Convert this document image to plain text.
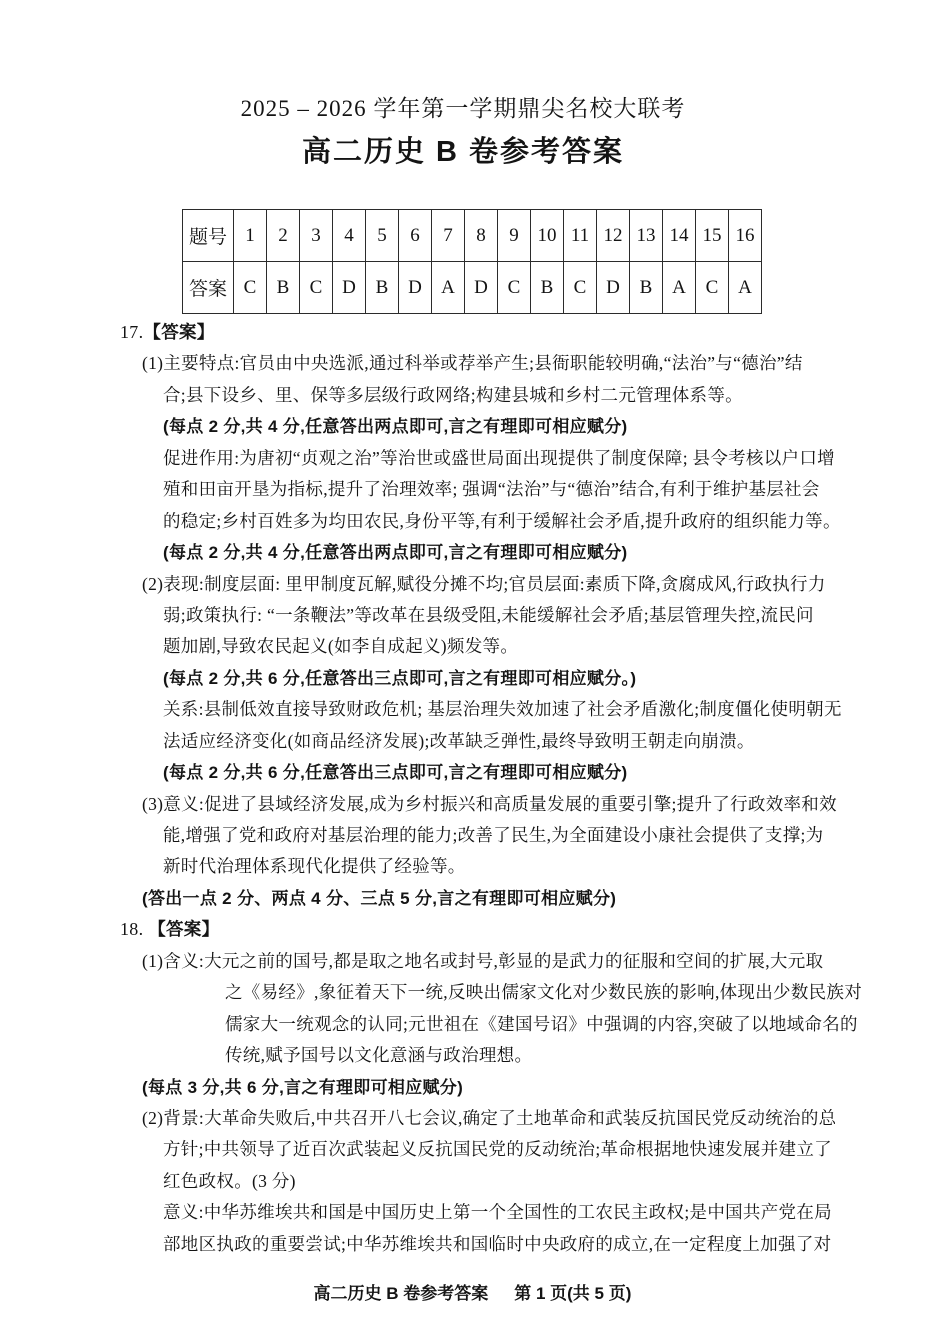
2025 – 2026 学年第一学期鼎尖名校大联考
高二历史 B 卷参考答案
题号	1	2	3	4	5	6	7	8	9	10	11	12	13	14	15	16
答案	C	B	C	D	B	D	A	D	C	B	C	D	B	A	C	A
17.【答案】
(1)主要特点:官员由中央选派,通过科举或荐举产生;县衙职能较明确,“法治”与“德治”结
合;县下设乡、里、保等多层级行政网络;构建县城和乡村二元管理体系等。
(每点 2 分,共 4 分,任意答出两点即可,言之有理即可相应赋分)
促进作用:为唐初“贞观之治”等治世或盛世局面出现提供了制度保障; 县令考核以户口增
殖和田亩开垦为指标,提升了治理效率; 强调“法治”与“德治”结合,有利于维护基层社会
的稳定;乡村百姓多为均田农民,身份平等,有利于缓解社会矛盾,提升政府的组织能力等。
(每点 2 分,共 4 分,任意答出两点即可,言之有理即可相应赋分)
(2)表现:制度层面: 里甲制度瓦解,赋役分摊不均;官员层面:素质下降,贪腐成风,行政执行力
弱;政策执行: “一条鞭法”等改革在县级受阻,未能缓解社会矛盾;基层管理失控,流民问
题加剧,导致农民起义(如李自成起义)频发等。
(每点 2 分,共 6 分,任意答出三点即可,言之有理即可相应赋分。)
关系:县制低效直接导致财政危机; 基层治理失效加速了社会矛盾激化;制度僵化使明朝无
法适应经济变化(如商品经济发展);改革缺乏弹性,最终导致明王朝走向崩溃。
(每点 2 分,共 6 分,任意答出三点即可,言之有理即可相应赋分)
(3)意义:促进了县域经济发展,成为乡村振兴和高质量发展的重要引擎;提升了行政效率和效
能,增强了党和政府对基层治理的能力;改善了民生,为全面建设小康社会提供了支撑;为
新时代治理体系现代化提供了经验等。
(答出一点 2 分、两点 4 分、三点 5 分,言之有理即可相应赋分)
18. 【答案】
(1)含义:大元之前的国号,都是取之地名或封号,彰显的是武力的征服和空间的扩展,大元取
之《易经》,象征着天下一统,反映出儒家文化对少数民族的影响,体现出少数民族对
儒家大一统观念的认同;元世祖在《建国号诏》中强调的内容,突破了以地域命名的
传统,赋予国号以文化意涵与政治理想。
(每点 3 分,共 6 分,言之有理即可相应赋分)
(2)背景:大革命失败后,中共召开八七会议,确定了土地革命和武装反抗国民党反动统治的总
方针;中共领导了近百次武装起义反抗国民党的反动统治;革命根据地快速发展并建立了
红色政权。(3 分)
意义:中华苏维埃共和国是中国历史上第一个全国性的工农民主政权;是中国共产党在局
部地区执政的重要尝试;中华苏维埃共和国临时中央政府的成立,在一定程度上加强了对

高二历史 B 卷参考答案 第 1 页(共 5 页)
